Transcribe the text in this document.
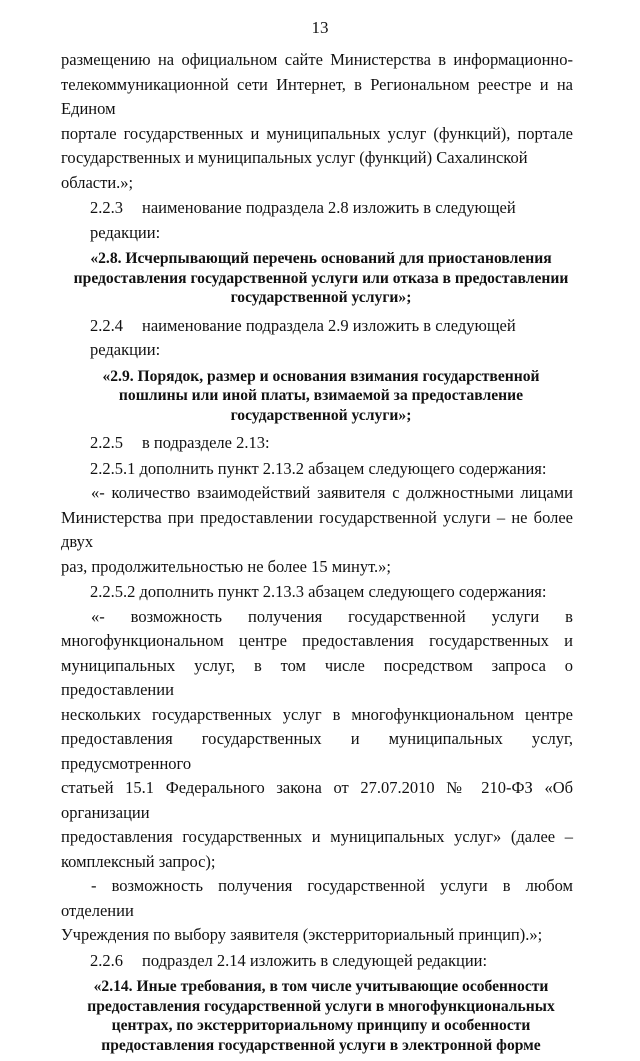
13

размещению на официальном сайте Министерства в информационно-

телекоммуникационной сети Интернет, в Региональном реестре и на Едином

портале государственных и муниципальных услуг (функций), портале

государственных и муниципальных услуг (функций) Сахалинской области.»;

2.2.3 наименование подраздела 2.8 изложить в следующей редакции:

«2.8. Исчерпывающий перечень оснований для приостановления
предоставления государственной услуги или отказа в предоставлении
государственной услуги»;

2.2.4 наименование подраздела 2.9 изложить в следующей редакции:

«2.9. Порядок, размер и основания взимания государственной
пошлины или иной платы, взимаемой за предоставление
государственной услуги»;

2.2.5 в подразделе 2.13:

2.2.5.1 дополнить пункт 2.13.2 абзацем следующего содержания:

«- количество взаимодействий заявителя с должностными лицами

Министерства при предоставлении государственной услуги – не более двух

раз, продолжительностью не более 15 минут.»;

2.2.5.2 дополнить пункт 2.13.3 абзацем следующего содержания:

«- возможность получения государственной услуги в

многофункциональном центре предоставления государственных и

муниципальных услуг, в том числе посредством запроса о предоставлении

нескольких государственных услуг в многофункциональном центре

предоставления государственных и муниципальных услуг, предусмотренного

статьей 15.1 Федерального закона от 27.07.2010 № 210-ФЗ «Об организации

предоставления государственных и муниципальных услуг» (далее –

комплексный запрос);

- возможность получения государственной услуги в любом отделении

Учреждения по выбору заявителя (экстерриториальный принцип).»;

2.2.6 подраздел 2.14 изложить в следующей редакции:

«2.14. Иные требования, в том числе учитывающие особенности
предоставления государственной услуги в многофункциональных
центрах, по экстерриториальному принципу и особенности
предоставления государственной услуги в электронной форме
